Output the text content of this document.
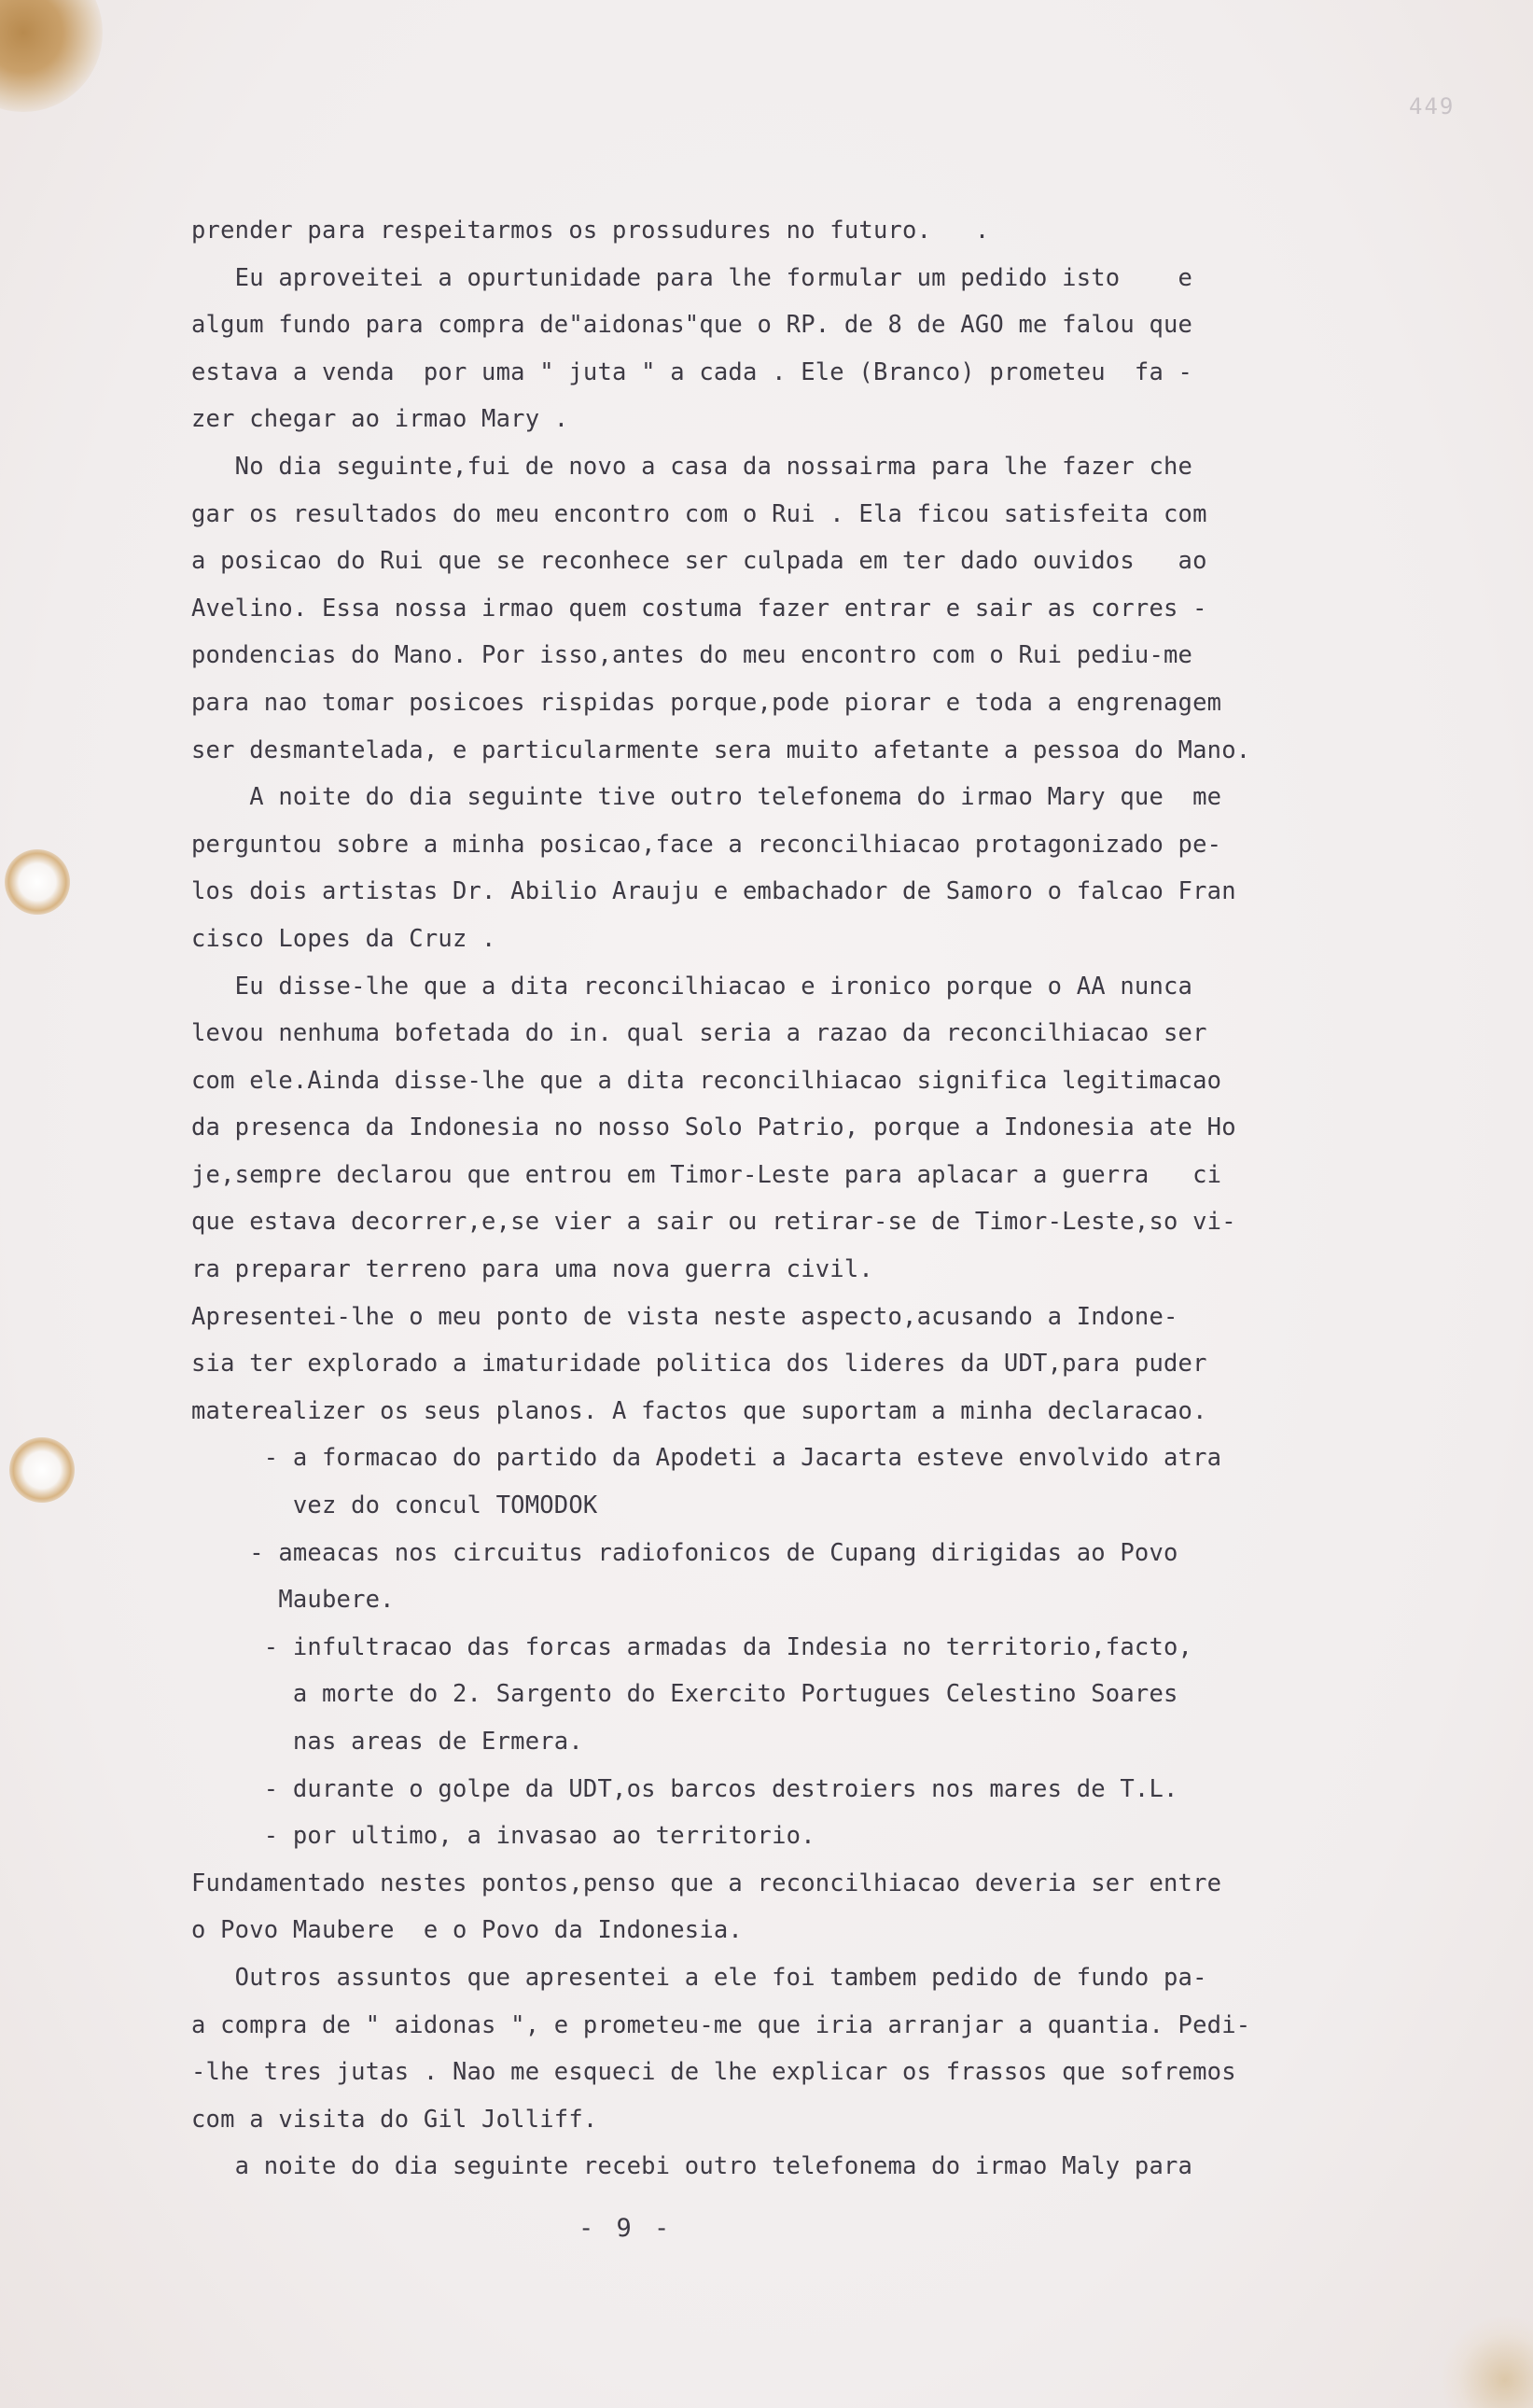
449
prender para respeitarmos os prossudures no futuro.   .
Eu aproveitei a opurtunidade para lhe formular um pedido isto    e
algum fundo para compra de"aidonas"que o RP. de 8 de AGO me falou que
estava a venda  por uma " juta " a cada . Ele (Branco) prometeu  fa -
zer chegar ao irmao Mary .
No dia seguinte,fui de novo a casa da nossairma para lhe fazer che
gar os resultados do meu encontro com o Rui . Ela ficou satisfeita com
a posicao do Rui que se reconhece ser culpada em ter dado ouvidos   ao
Avelino. Essa nossa irmao quem costuma fazer entrar e sair as corres -
pondencias do Mano. Por isso,antes do meu encontro com o Rui pediu-me
para nao tomar posicoes rispidas porque,pode piorar e toda a engrenagem
ser desmantelada, e particularmente sera muito afetante a pessoa do Mano.
A noite do dia seguinte tive outro telefonema do irmao Mary que  me
perguntou sobre a minha posicao,face a reconcilhiacao protagonizado pe-
los dois artistas Dr. Abilio Arauju e embachador de Samoro o falcao Fran
cisco Lopes da Cruz .
Eu disse-lhe que a dita reconcilhiacao e ironico porque o AA nunca
levou nenhuma bofetada do in. qual seria a razao da reconcilhiacao ser
com ele.Ainda disse-lhe que a dita reconcilhiacao significa legitimacao
da presenca da Indonesia no nosso Solo Patrio, porque a Indonesia ate Ho
je,sempre declarou que entrou em Timor-Leste para aplacar a guerra   ci
que estava decorrer,e,se vier a sair ou retirar-se de Timor-Leste,so vi-
ra preparar terreno para uma nova guerra civil.
Apresentei-lhe o meu ponto de vista neste aspecto,acusando a Indone-
sia ter explorado a imaturidade politica dos lideres da UDT,para puder
materealizer os seus planos. A factos que suportam a minha declaracao.
- a formacao do partido da Apodeti a Jacarta esteve envolvido atra
vez do concul TOMODOK
- ameacas nos circuitus radiofonicos de Cupang dirigidas ao Povo
Maubere.
- infultracao das forcas armadas da Indesia no territorio,facto,
a morte do 2. Sargento do Exercito Portugues Celestino Soares
nas areas de Ermera.
- durante o golpe da UDT,os barcos destroiers nos mares de T.L.
- por ultimo, a invasao ao territorio.
Fundamentado nestes pontos,penso que a reconcilhiacao deveria ser entre
o Povo Maubere  e o Povo da Indonesia.
Outros assuntos que apresentei a ele foi tambem pedido de fundo pa-
a compra de " aidonas ", e prometeu-me que iria arranjar a quantia. Pedi-
-lhe tres jutas . Nao me esqueci de lhe explicar os frassos que sofremos
com a visita do Gil Jolliff.
a noite do dia seguinte recebi outro telefonema do irmao Maly para
- 9 -
